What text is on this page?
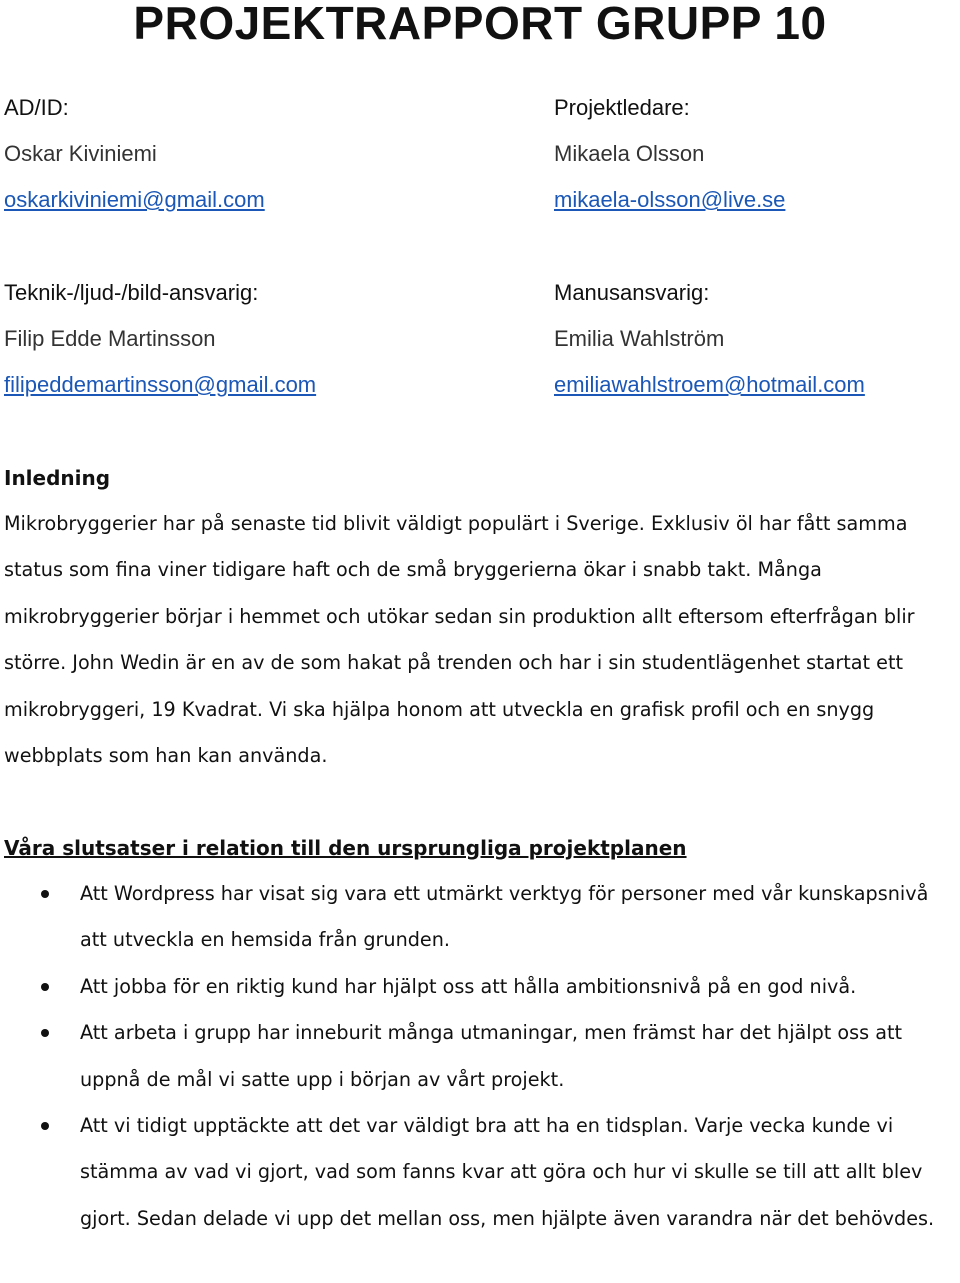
PROJEKTRAPPORT GRUPP 10
AD/ID:
Oskar Kiviniemi
oskarkiviniemi@gmail.com
Projektledare:
Mikaela Olsson
mikaela-olsson@live.se
Teknik-/ljud-/bild-ansvarig:
Filip Edde Martinsson
filipeddemartinsson@gmail.com
Manusansvarig:
Emilia Wahlström
emiliawahlstroem@hotmail.com
Inledning

Mikrobryggerier har på senaste tid blivit väldigt populärt i Sverige. Exklusiv öl har fått samma status som fina viner tidigare haft och de små bryggerierna ökar i snabb takt. Många mikrobryggerier börjar i hemmet och utökar sedan sin produktion allt eftersom efterfrågan blir större. John Wedin är en av de som hakat på trenden och har i sin studentlägenhet startat ett mikrobryggeri, 19 Kvadrat. Vi ska hjälpa honom att utveckla en grafisk profil och en snygg webbplats som han kan använda.

Våra slutsatser i relation till den ursprungliga projektplanen
Att Wordpress har visat sig vara ett utmärkt verktyg för personer med vår kunskapsnivå att utveckla en hemsida från grunden.
Att jobba för en riktig kund har hjälpt oss att hålla ambitionsnivå på en god nivå.
Att arbeta i grupp har inneburit många utmaningar, men främst har det hjälpt oss att uppnå de mål vi satte upp i början av vårt projekt.
Att vi tidigt upptäckte att det var väldigt bra att ha en tidsplan. Varje vecka kunde vi stämma av vad vi gjort, vad som fanns kvar att göra och hur vi skulle se till att allt blev gjort. Sedan delade vi upp det mellan oss, men hjälpte även varandra när det behövdes.
